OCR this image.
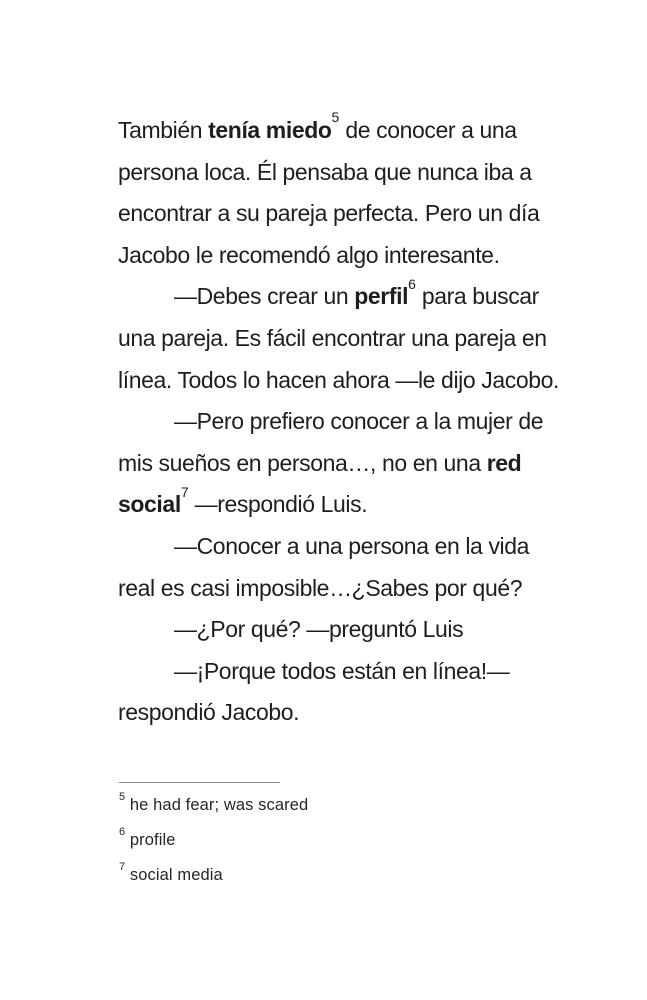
También tenía miedo$^5$ de conocer a una
persona loca. Él pensaba que nunca iba a
encontrar a su pareja perfecta. Pero un día
Jacobo le recomendó algo interesante.
—Debes crear un perfil$^6$ para buscar
una pareja. Es fácil encontrar una pareja en
línea. Todos lo hacen ahora —le dijo Jacobo.
—Pero prefiero conocer a la mujer de
mis sueños en persona…, no en una red
social$^7$ —respondió Luis.
—Conocer a una persona en la vida
real es casi imposible…¿Sabes por qué?
—¿Por qué? —preguntó Luis
—¡Porque todos están en línea!—
respondió Jacobo.
$^5$ he had fear; was scared
$^6$ profile
$^7$ social media
